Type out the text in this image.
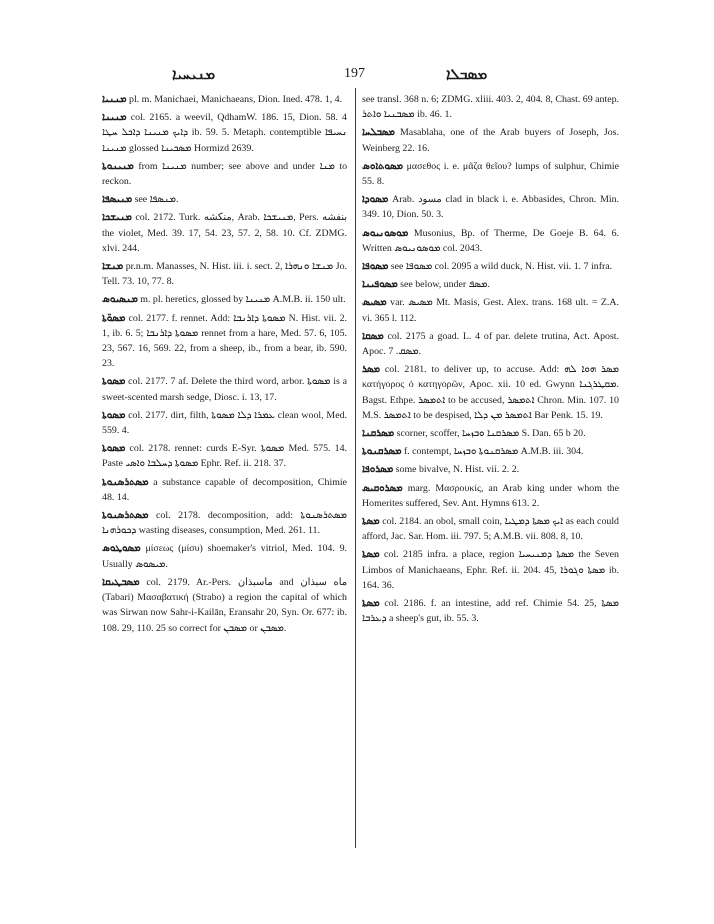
ܡܢܝܚܝܐ	197	ܡܣܒܠܐ

ܡܢܢܝܐ pl. m. Manichaei, Manichaeans, Dion. Ined. 478. 1, 4.

ܡܢܝܢܐ col. 2165. a weevil, QdhamW. 186. 15, Dion. 58. 4 ܕܐܝܟ ܡܢܝܢܐ ܕܐܟܠ ܚܛܐ ib. 59. 5. Metaph. contemptible ܢܚܝܦܐ ܡܢܝܢܐ glossed ܡܣܟܝܢܐ Hormizd 2639.

ܡܢܝܢܘܬܐ from ܡܢܝܢܐ number; see above and under ܡܢܐ to reckon.

ܡܢܝܣܦܐ see ܡܢܣܦܐ.

ܡܢܝܫܟܐ col. 2172. Turk. منكشه, Arab. ܡܢܝܫܟܐ, Pers. بنفشه the violet, Med. 39. 17, 54. 23, 57. 2, 58. 10. Cf. ZDMG. xlvi. 244.

ܡܢܫܐ pr.n.m. Manasses, N. Hist. iii. i. sect. 2, ܡܢܫܐ ܘܢܗܪܐ Jo. Tell. 73. 10, 77. 8.

ܡܢܣܝܘܣ m. pl. heretics, glossed by ܡܢܝܢܐ A.M.B. ii. 150 ult.

ܡܣܘ̈ܬܐ col. 2177. f. rennet. Add: ܡܣܘܬܐ ܕܐܪܢܒܐ N. Hist. vii. 2. 1, ib. 6. 5; ܡܣܘܬܐ ܕܐܪܢܒܐ rennet from a hare, Med. 57. 6, 105. 23, 567. 16, 569. 22, from a sheep, ib., from a bear, ib. 590. 23.

ܡܣܘܬܐ col. 2177. 7 af. Delete the third word, arbor. ܡܣܘܬܐ is a sweet-scented marsh sedge, Diosc. i. 13, 17.

ܡܣܘܬܐ col. 2177. dirt, filth, ܥܡܪܐ ܕܠܐ ܡܣܘܬܐ clean wool, Med. 559. 4.

ܡܣܘܬܐ col. 2178. rennet: curds E-Syr. ܡܣܘܬܐ Med. 575. 14. Paste ܡܣܘܬܐ ܕܚܠܒܐ ܘܐܣܝ Ephr. Ref. ii. 218. 37.

ܡܣܬܪܣܢܘܬܐ a substance capable of decomposition, Chimie 48. 14.

ܡܣܬܪܣܢܘܬܐ col. 2178. decomposition, add: ܡܣܬܪܣܢܘܬܐ ܕܟܘܪܗܢܐ wasting diseases, consumption, Med. 261. 11.

ܡܣܘܛܘܣ μίσεως (μίσυ) shoemaker's vitriol, Med. 104. 9. Usually ܡܝܣܘܣ.

ܡܣܒܛܝܩܐ col. 2179. Ar.-Pers. ماسبذان and ماه سبذان (Tabari) Μασαβατική (Strabo) a region the capital of which was Sirwan now Sahr-i-Kailān, Eransahr 20, Syn. Or. 677: ib. 108. 29, 110. 25 so correct for ܡܣܒܢ or ܡܣܒܢ.

see transl. 368 n. 6; ZDMG. xliii. 403. 2, 404. 8, Chast. 69 antep. ܡܣܒܢܝܐ ܘܐܬܪ ib. 46. 1.

ܡܣܒܠܚܐ Masablaha, one of the Arab buyers of Joseph, Jos. Weinberg 22. 16.

ܡܣܘܬܐܘܣ μασεθος i. e. μᾶζα θεῖου? lumps of sulphur, Chimie 55. 8.

ܡܣܘܕܐ Arab. مسود clad in black i. e. Abbasides, Chron. Min. 349. 10, Dion. 50. 3.

ܡܘܣܘܢܝܘܣ Musonius, Bp. of Therme, De Goeje B. 64. 6. Written ܡܘܣܘܢܝܘܣ col. 2043.

ܡܣܘܦܐ see ܡܣܘܦܐ col. 2095 a wild duck, N. Hist. vii. 1. 7 infra.

ܡܣܘܦܝܢܐ see below, under ܡܣܦ.

ܡܣܝܣ var. ܡܣܝܣ Mt. Masis, Gest. Alex. trans. 168 ult. = Z.A. vi. 365 l. 112.

ܡܣܩܐ col. 2175 a goad. L. 4 of par. delete trutina, Act. Apost. Apoc. ܡܣܩ. 7.

ܡܣܪ col. 2181. to deliver up, to accuse. Add: ܡܣܪ ܗܘܐ ܠܗ κατήγορος ὁ κατηγορῶν, Apoc. xii. 10 ed. Gwynn ܡܩܛܪܓܢܐ. Bagst. Ethpe. ܐܬܡܣܪ to be accused, ܐܬܡܣܪ Chron. Min. 107. 10 M.S. ܐܬܡܣܪ to be despised, ܐܬܡܣܪ ܡܢ ܕܠܐ Bar Penk. 15. 19.

ܡܣܪܩܢܐ scorner, scoffer, ܡܣܪܩܢܐ ܘܒܙܚܐ S. Dan. 65 b 20.

ܡܣܪܩܢܘܬܐ f. contempt, ܡܣܪܩܢܘܬܐ ܘܒܙܚܐ A.M.B. iii. 304.

ܡܣܪܘܦܐ some bivalve, N. Hist. vii. 2. 2.

ܡܣܪܘܩܝܣ marg. Μασρουκίς, an Arab king under whom the Homerites suffered, Sev. Ant. Hymns 613. 2.

ܡܣܬܐ col. 2184. an obol, small coin, ܐܝܟ ܡܣܬܐ ܕܡܛܝܐ as each could afford, Jac. Sar. Hom. iii. 797. 5; A.M.B. vii. 808. 8, 10.

ܡܣܬܐ col. 2185 infra. a place, region ܡܣܬܐ ܕܡܢܝܚܝܐ the Seven Limbos of Manichaeans, Ephr. Ref. ii. 204. 45, ܡܣܬܐ ܘܓܘܪܐ ib. 164. 36.

ܡܣܬܐ col. 2186. f. an intestine, add ref. Chimie 54. 25, ܡܣܬܐ ܕܥܪܒܐ a sheep's gut, ib. 55. 3.
